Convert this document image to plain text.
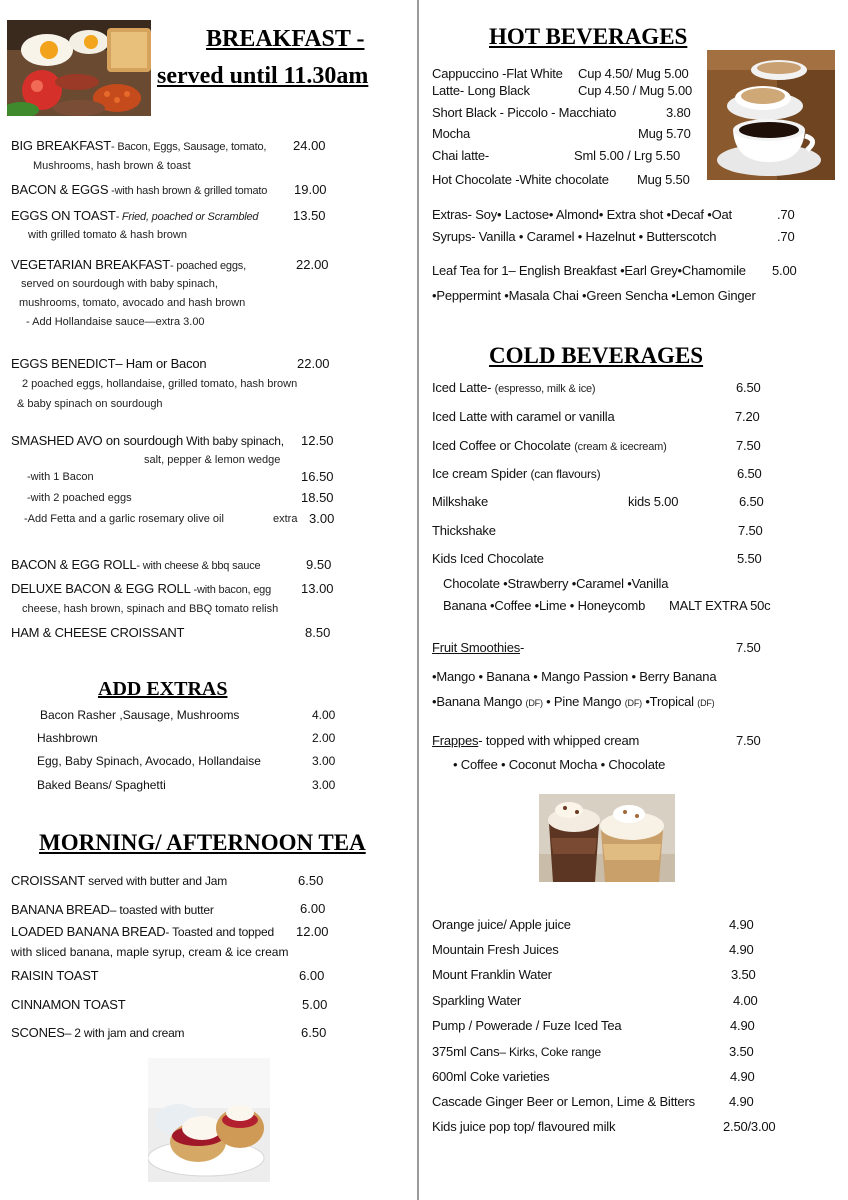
BREAKFAST -
served until 11.30am
BIG BREAKFAST- Bacon, Eggs, Sausage, tomato,
Mushrooms, hash brown & toast
24.00
BACON & EGGS -with hash brown & grilled tomato 19.00
EGGS ON TOAST- Fried, poached or Scrambled
with grilled tomato & hash brown
13.50
VEGETARIAN BREAKFAST- poached eggs,
served on sourdough with baby spinach,
mushrooms, tomato, avocado and hash brown
- Add Hollandaise sauce—extra 3.00
22.00
EGGS BENEDICT– Ham or Bacon
2 poached eggs, hollandaise, grilled tomato, hash brown
& baby spinach on sourdough
22.00
SMASHED AVO on sourdough With baby spinach,
salt, pepper & lemon wedge
12.50
-with 1 Bacon	16.50
-with 2 poached eggs	18.50
-Add Fetta and a garlic rosemary olive oil	extra 3.00
BACON & EGG ROLL- with cheese & bbq sauce	9.50
DELUXE BACON & EGG ROLL -with bacon, egg
cheese, hash brown, spinach and BBQ tomato relish
13.00
HAM & CHEESE CROISSANT	8.50
ADD EXTRAS
Bacon Rasher ,Sausage, Mushrooms	4.00
Hashbrown	2.00
Egg, Baby Spinach, Avocado, Hollandaise	3.00
Baked Beans/ Spaghetti	3.00
MORNING/ AFTERNOON TEA
CROISSANT served with butter and Jam	6.50
BANANA BREAD– toasted with butter	6.00
LOADED BANANA BREAD- Toasted and topped
with sliced banana, maple syrup, cream & ice cream
12.00
RAISIN TOAST	6.00
CINNAMON TOAST	5.00
SCONES– 2 with jam and cream	6.50
HOT BEVERAGES
Cappuccino -Flat White Cup 4.50/ Mug 5.00
Latte- Long Black	Cup 4.50 / Mug 5.00
Short Black - Piccolo - Macchiato	3.80
Mocha	Mug 5.70
Chai latte-	Sml 5.00 / Lrg 5.50
Hot Chocolate -White chocolate Mug 5.50
Extras- Soy• Lactose• Almond• Extra shot •Decaf •Oat	.70
Syrups- Vanilla • Caramel • Hazelnut • Butterscotch	.70
Leaf Tea for 1– English Breakfast •Earl Grey•Chamomile 5.00
•Peppermint •Masala Chai •Green Sencha •Lemon Ginger
COLD BEVERAGES
Iced Latte- (espresso, milk & ice)	6.50
Iced Latte with caramel or vanilla	7.20
Iced Coffee or Chocolate (cream & icecream)	7.50
Ice cream Spider (can flavours)	6.50
Milkshake	kids 5.00	6.50
Thickshake	7.50
Kids Iced Chocolate	5.50
Chocolate •Strawberry •Caramel •Vanilla
Banana •Coffee •Lime • Honeycomb MALT EXTRA 50c
Fruit Smoothies-	7.50
•Mango • Banana • Mango Passion • Berry Banana
•Banana Mango (DF) • Pine Mango (DF) •Tropical (DF)
Frappes- topped with whipped cream	7.50
• Coffee • Coconut Mocha • Chocolate
Orange juice/ Apple juice	4.90
Mountain Fresh Juices	4.90
Mount Franklin Water	3.50
Sparkling Water	4.00
Pump / Powerade / Fuze Iced Tea	4.90
375ml Cans– Kirks, Coke range	3.50
600ml Coke varieties	4.90
Cascade Ginger Beer or Lemon, Lime & Bitters	4.90
Kids juice pop top/ flavoured milk	2.50/3.00
